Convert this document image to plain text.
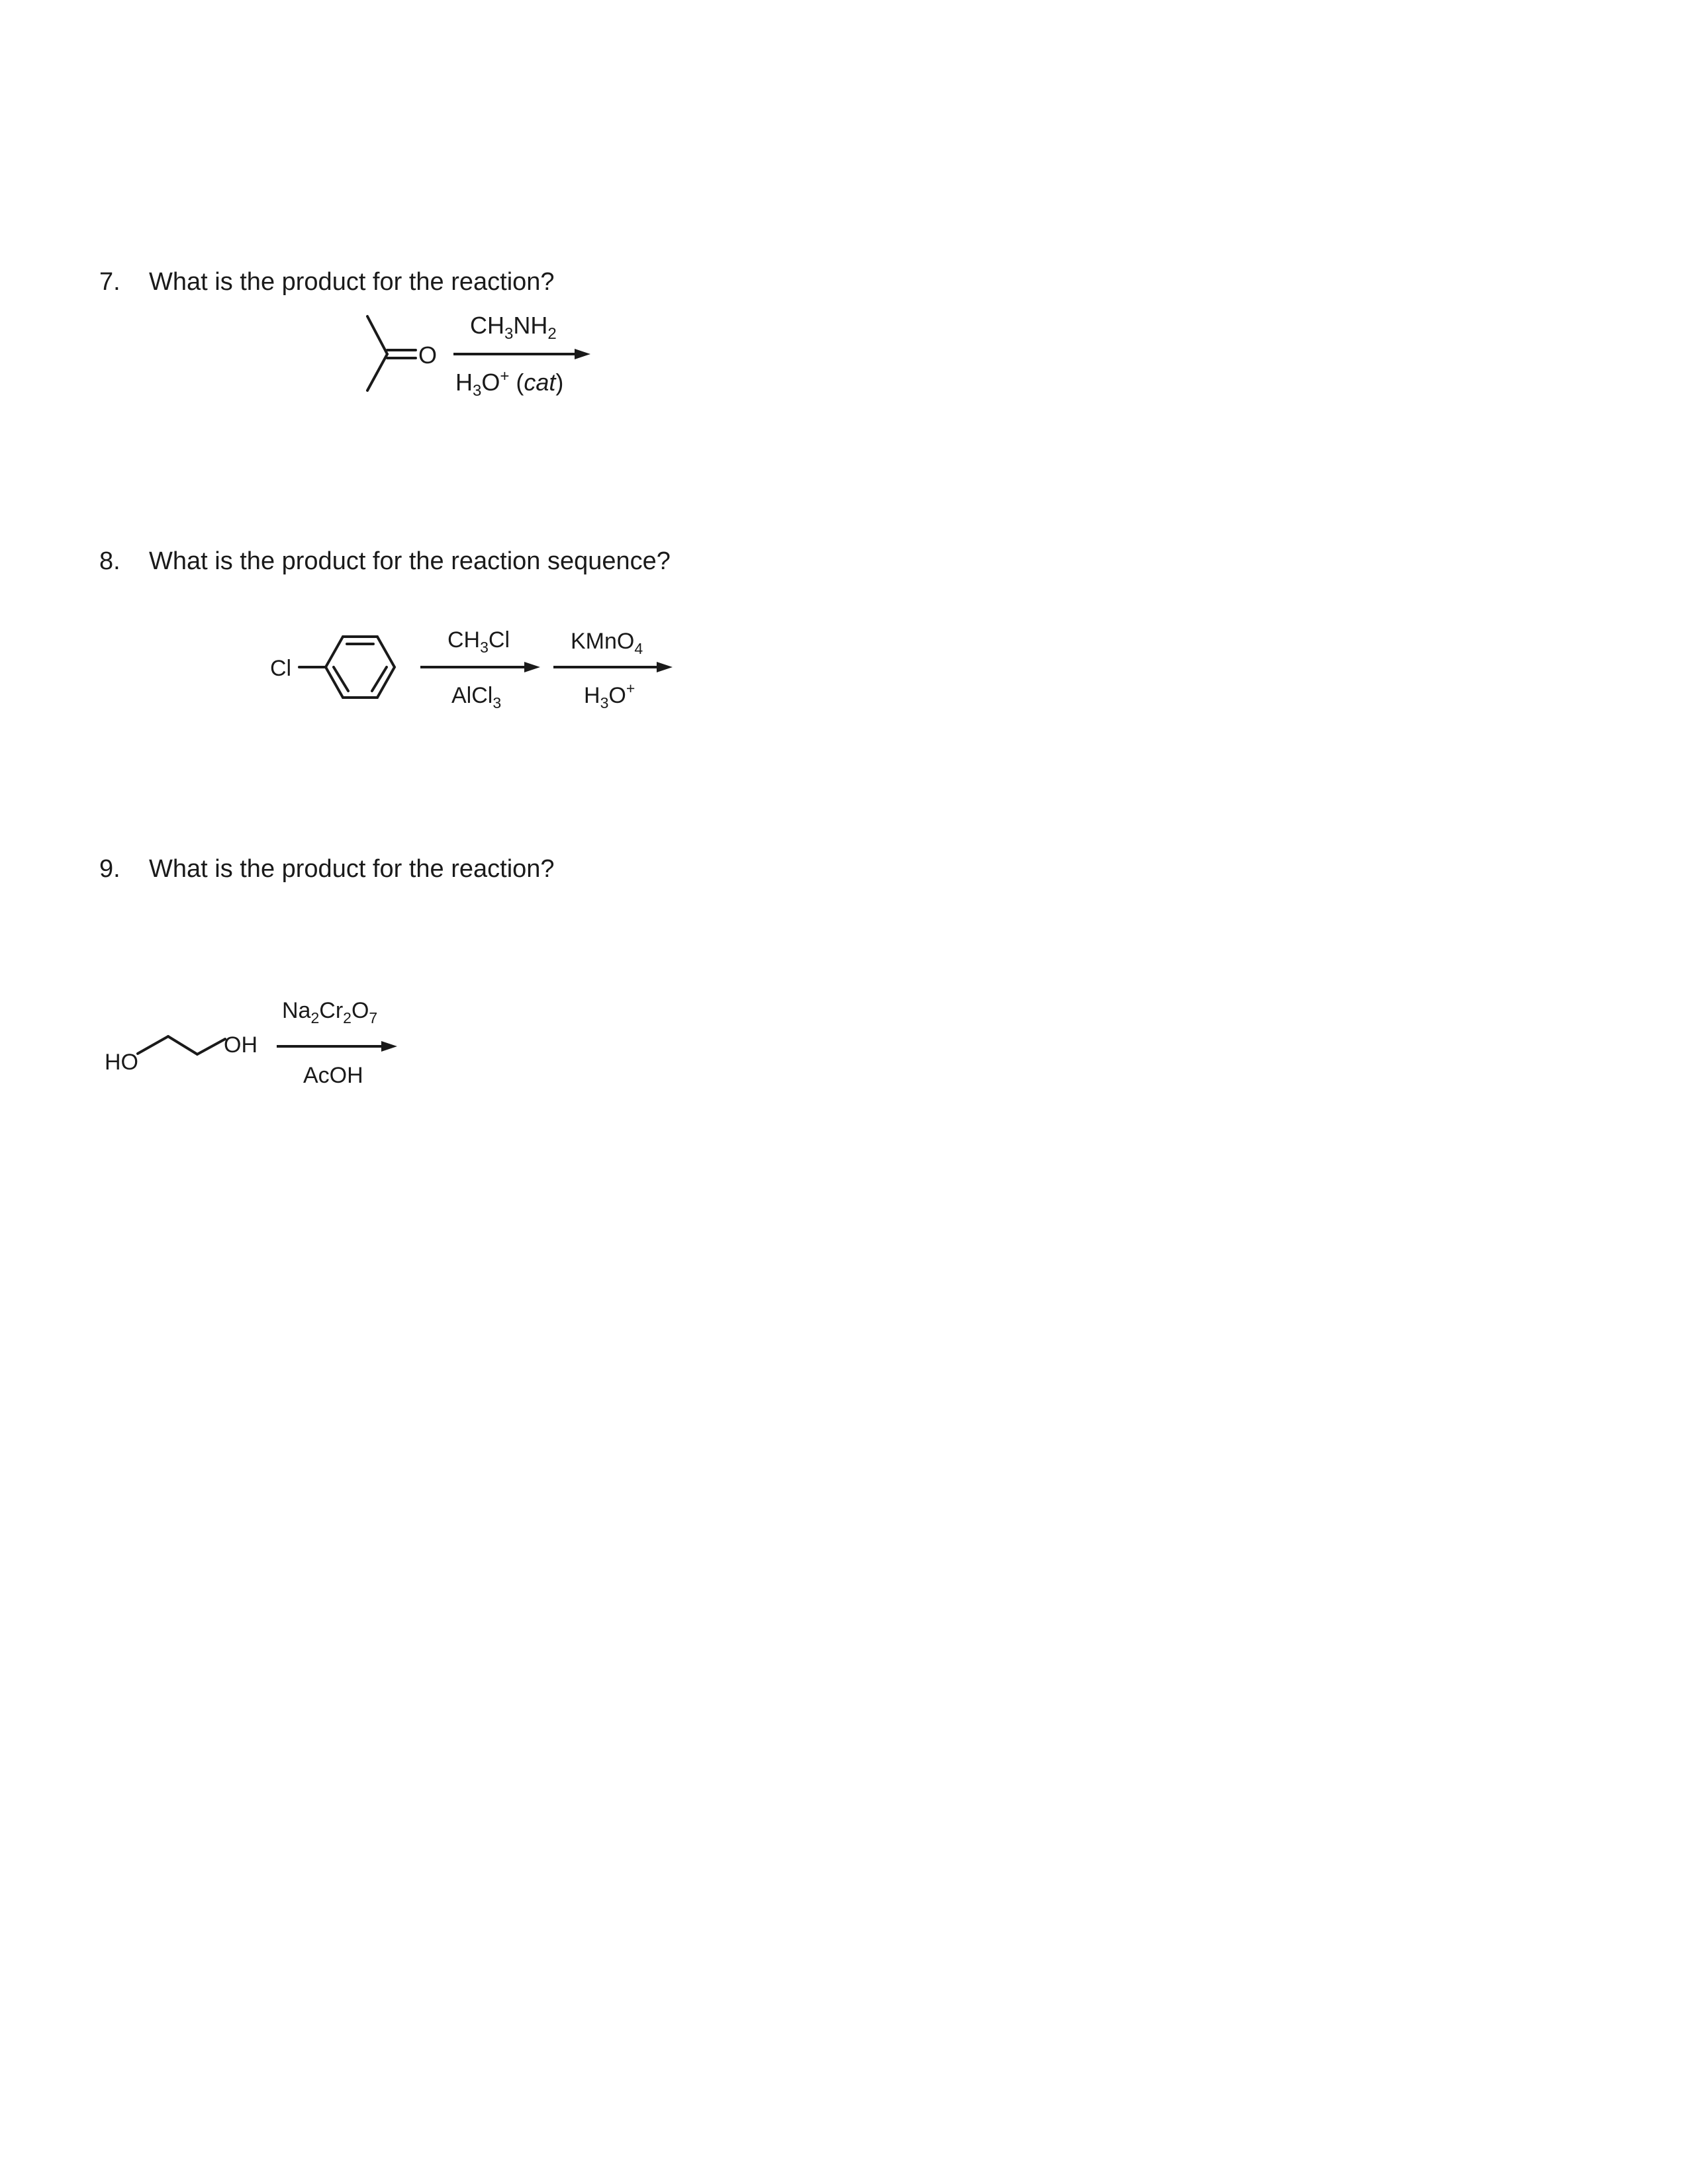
7. What is the product for the reaction?
O
$CH_3NH_2$
$H_3O^+$ (cat)
8. What is the product for the reaction sequence?
Cl
$CH_3Cl$
AlCl$_3$
KMnO$_4$
$H_3O^+$
9. What is the product for the reaction?
HO
OH
$Na_2Cr_2O_7$
AcOH
